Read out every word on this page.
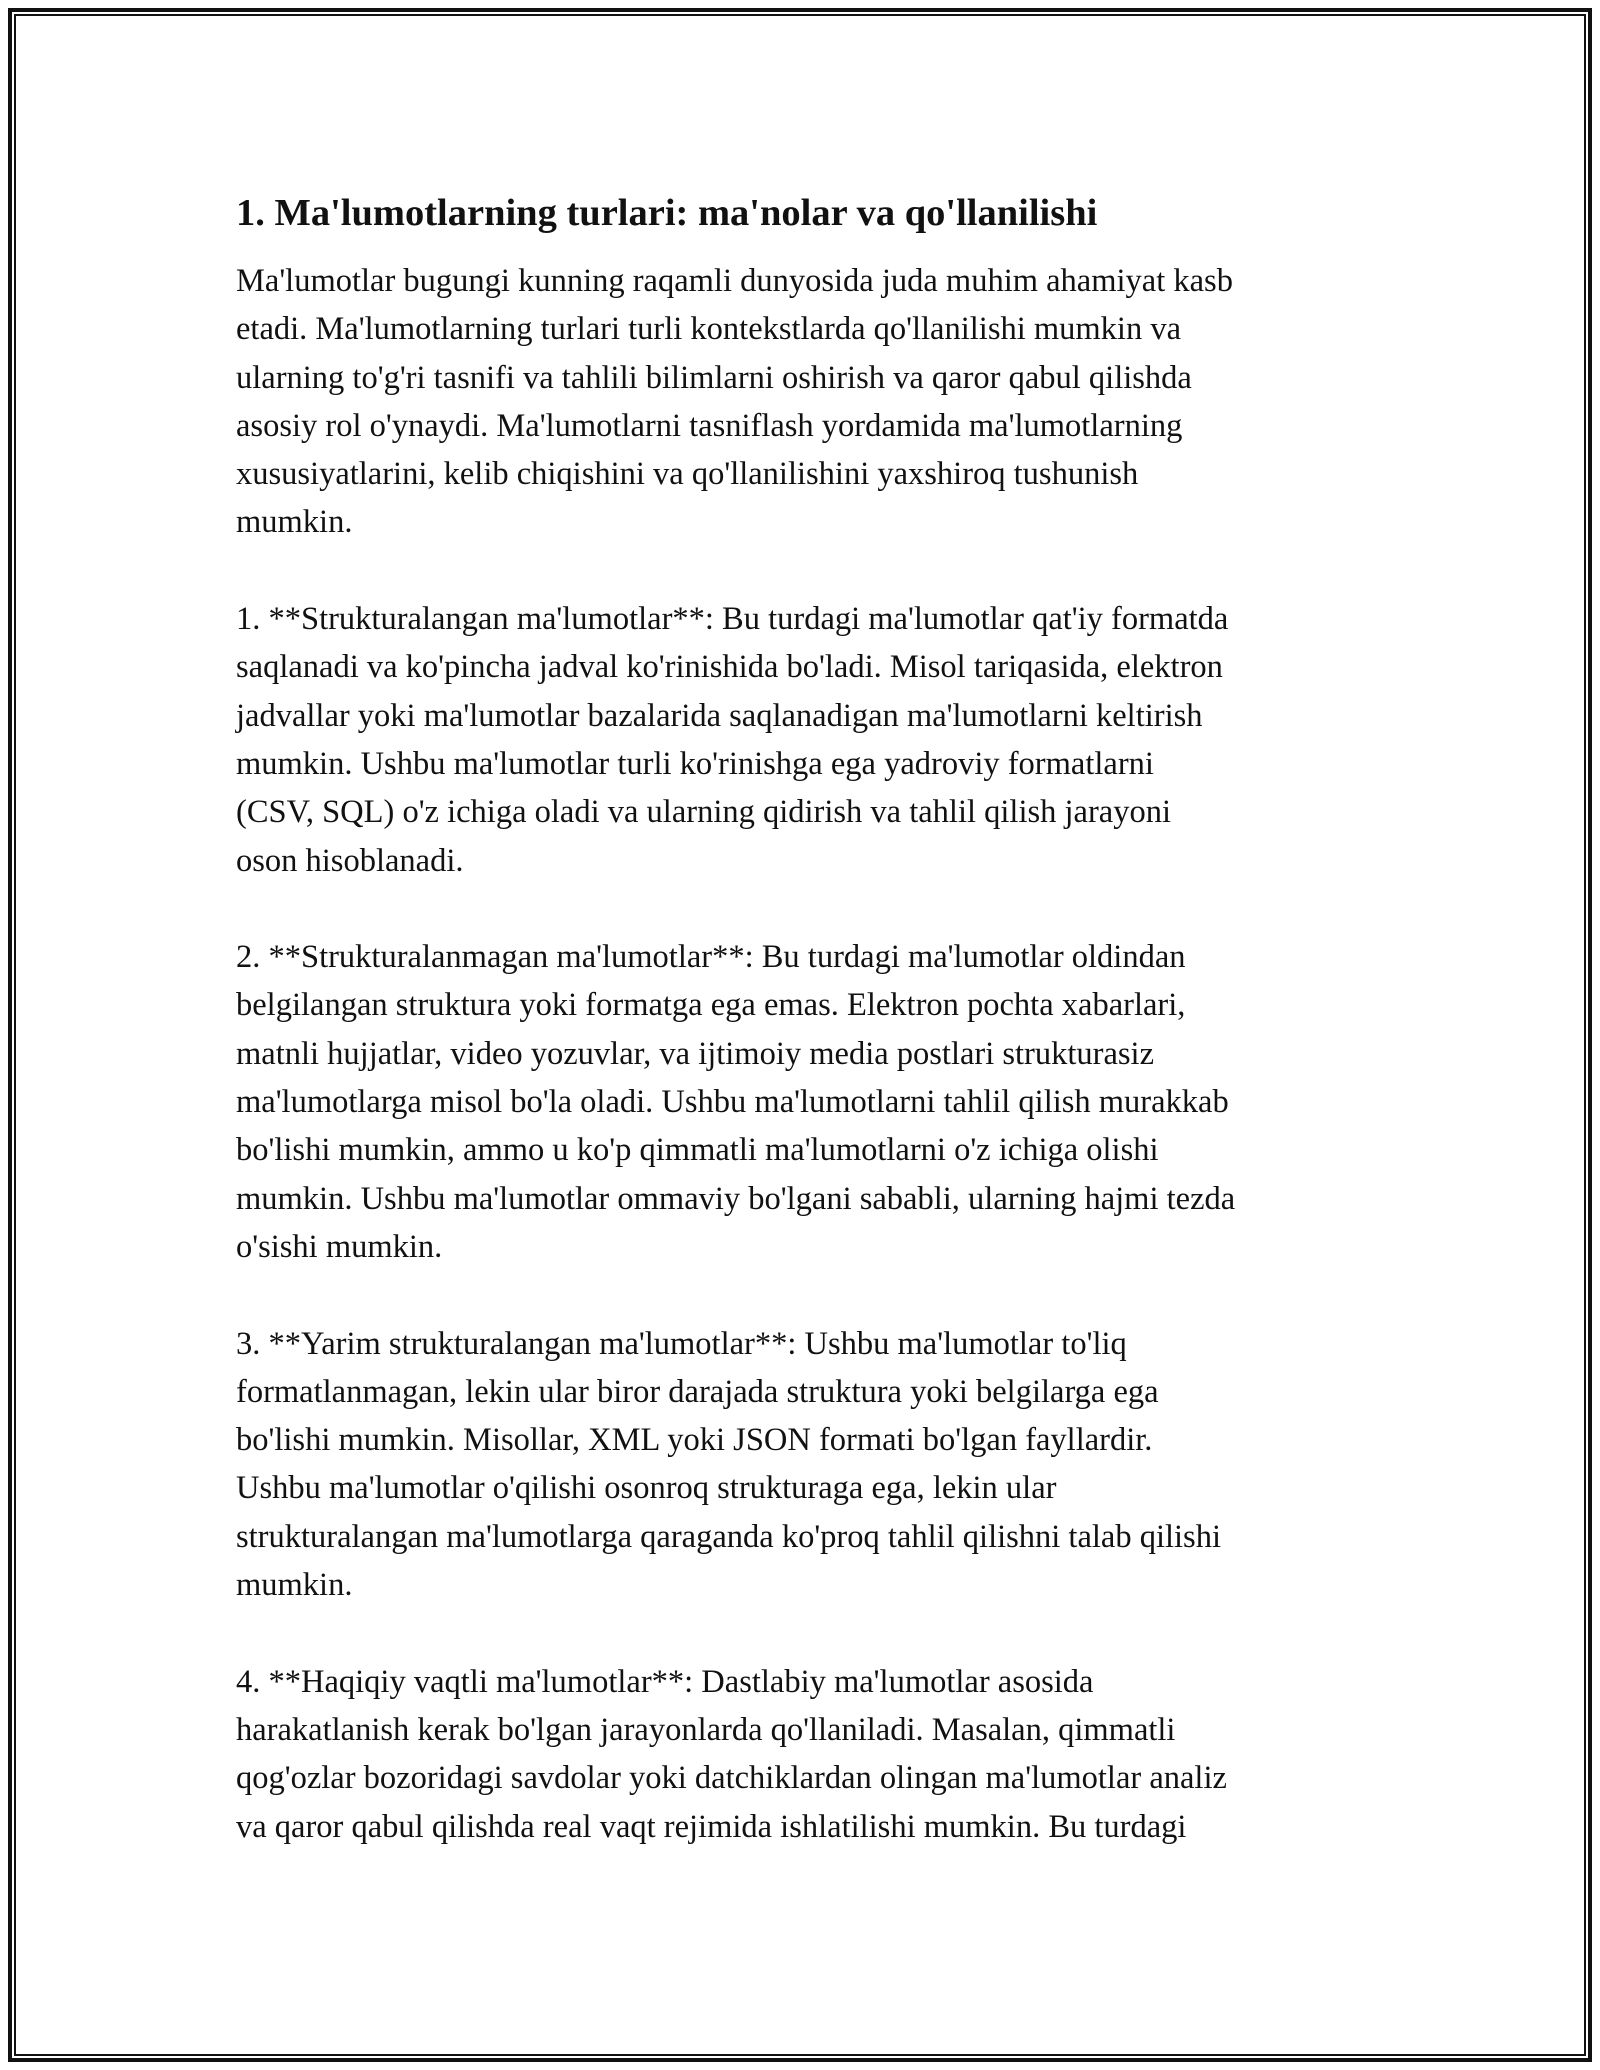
1. Ma'lumotlarning turlari: ma'nolar va qo'llanilishi
Ma'lumotlar bugungi kunning raqamli dunyosida juda muhim ahamiyat kasb
etadi. Ma'lumotlarning turlari turli kontekstlarda qo'llanilishi mumkin va
ularning to'g'ri tasnifi va tahlili bilimlarni oshirish va qaror qabul qilishda
asosiy rol o'ynaydi. Ma'lumotlarni tasniflash yordamida ma'lumotlarning
xususiyatlarini, kelib chiqishini va qo'llanilishini yaxshiroq tushunish
mumkin.
1. **Strukturalangan ma'lumotlar**: Bu turdagi ma'lumotlar qat'iy formatda
saqlanadi va ko'pincha jadval ko'rinishida bo'ladi. Misol tariqasida, elektron
jadvallar yoki ma'lumotlar bazalarida saqlanadigan ma'lumotlarni keltirish
mumkin. Ushbu ma'lumotlar turli ko'rinishga ega yadroviy formatlarni
(CSV, SQL) o'z ichiga oladi va ularning qidirish va tahlil qilish jarayoni
oson hisoblanadi.
2. **Strukturalanmagan ma'lumotlar**: Bu turdagi ma'lumotlar oldindan
belgilangan struktura yoki formatga ega emas. Elektron pochta xabarlari,
matnli hujjatlar, video yozuvlar, va ijtimoiy media postlari strukturasiz
ma'lumotlarga misol bo'la oladi. Ushbu ma'lumotlarni tahlil qilish murakkab
bo'lishi mumkin, ammo u ko'p qimmatli ma'lumotlarni o'z ichiga olishi
mumkin. Ushbu ma'lumotlar ommaviy bo'lgani sababli, ularning hajmi tezda
o'sishi mumkin.
3. **Yarim strukturalangan ma'lumotlar**: Ushbu ma'lumotlar to'liq
formatlanmagan, lekin ular biror darajada struktura yoki belgilarga ega
bo'lishi mumkin. Misollar, XML yoki JSON formati bo'lgan fayllardir.
Ushbu ma'lumotlar o'qilishi osonroq strukturaga ega, lekin ular
strukturalangan ma'lumotlarga qaraganda ko'proq tahlil qilishni talab qilishi
mumkin.
4. **Haqiqiy vaqtli ma'lumotlar**: Dastlabiy ma'lumotlar asosida
harakatlanish kerak bo'lgan jarayonlarda qo'llaniladi. Masalan, qimmatli
qog'ozlar bozoridagi savdolar yoki datchiklardan olingan ma'lumotlar analiz
va qaror qabul qilishda real vaqt rejimida ishlatilishi mumkin. Bu turdagi
